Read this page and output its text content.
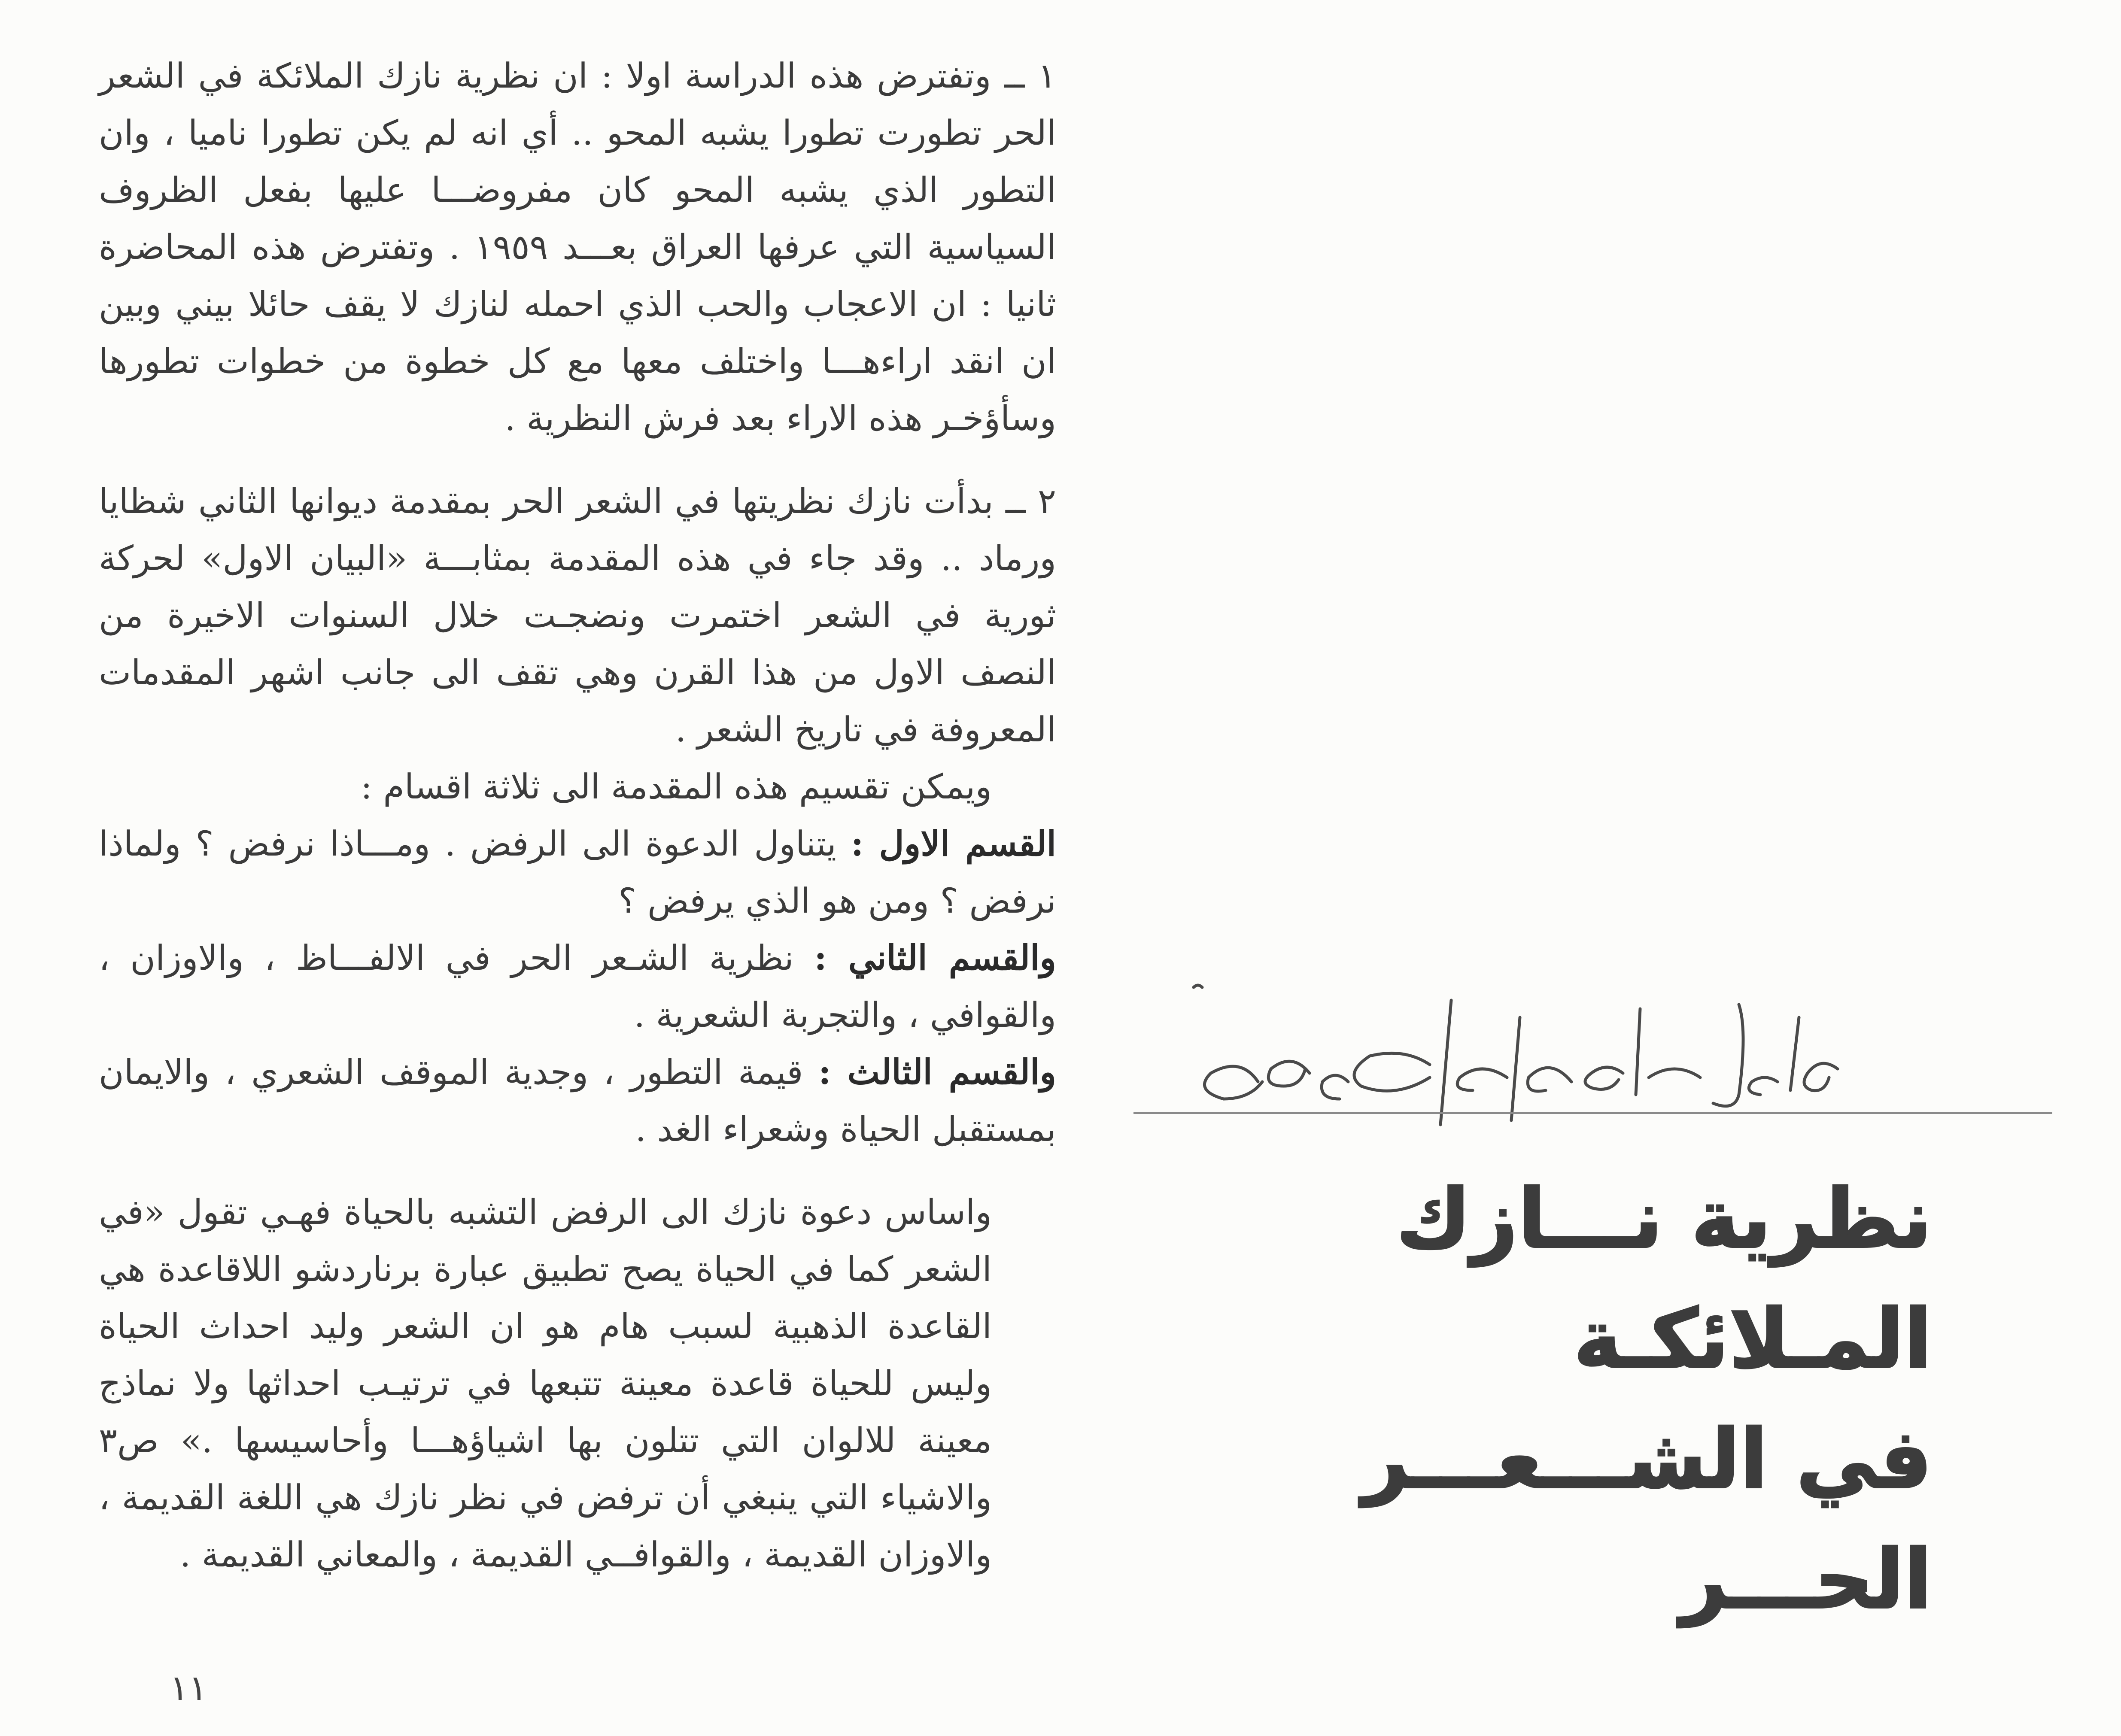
١ ــ وتفترض هذه الدراسة اولا : ان نظرية نازك الملائكة في الشعر الحر تطورت تطورا يشبه المحو .. أي انه لم يكن تطورا ناميا ، وان التطور الذي يشبه المحو كان مفروضـــا عليها بفعل الظروف السياسية التي عرفها العراق بعـــد ١٩٥٩ . وتفترض هذه المحاضرة ثانيا : ان الاعجاب والحب الذي احمله لنازك لا يقف حائلا بيني وبين ان انقد اراءهـــا واختلف معها مع كل خطوة من خطوات تطورها وسأؤخـر هذه الاراء بعد فرش النظرية .

٢ ــ بدأت نازك نظريتها في الشعر الحر بمقدمة ديوانها الثاني شظايا ورماد .. وقد جاء في هذه المقدمة بمثابـــة «البيان الاول» لحركة ثورية في الشعر اختمرت ونضجـت خلال السنوات الاخيرة من النصف الاول من هذا القرن وهي تقف الى جانب اشهر المقدمات المعروفة في تاريخ الشعر .

ويمكن تقسيم هذه المقدمة الى ثلاثة اقسام :

القسم الاول : يتناول الدعوة الى الرفض . ومـــاذا نرفض ؟ ولماذا نرفض ؟ ومن هو الذي يرفض ؟

والقسم الثاني : نظرية الشـعر الحر في الالفـــاظ ، والاوزان ، والقوافي ، والتجربة الشعرية .

والقسم الثالث : قيمة التطور ، وجدية الموقف الشعري ، والايمان بمستقبل الحياة وشعراء الغد .

واساس دعوة نازك الى الرفض التشبه بالحياة فهـي تقول «في الشعر كما في الحياة يصح تطبيق عبارة برناردشو اللاقاعدة هي القاعدة الذهبية لسبب هام هو ان الشعر وليد احداث الحياة وليس للحياة قاعدة معينة تتبعها في ترتيـب احداثها ولا نماذج معينة للالوان التي تتلون بها اشياؤهـــا وأحاسيسها .» ص٣ والاشياء التي ينبغي أن ترفض في نظر نازك هي اللغة القديمة ، والاوزان القديمة ، والقوافــي القديمة ، والمعاني القديمة .

١١
نظرية نـــازك المـلائكـة
في الشـــعـــر الحـــر
